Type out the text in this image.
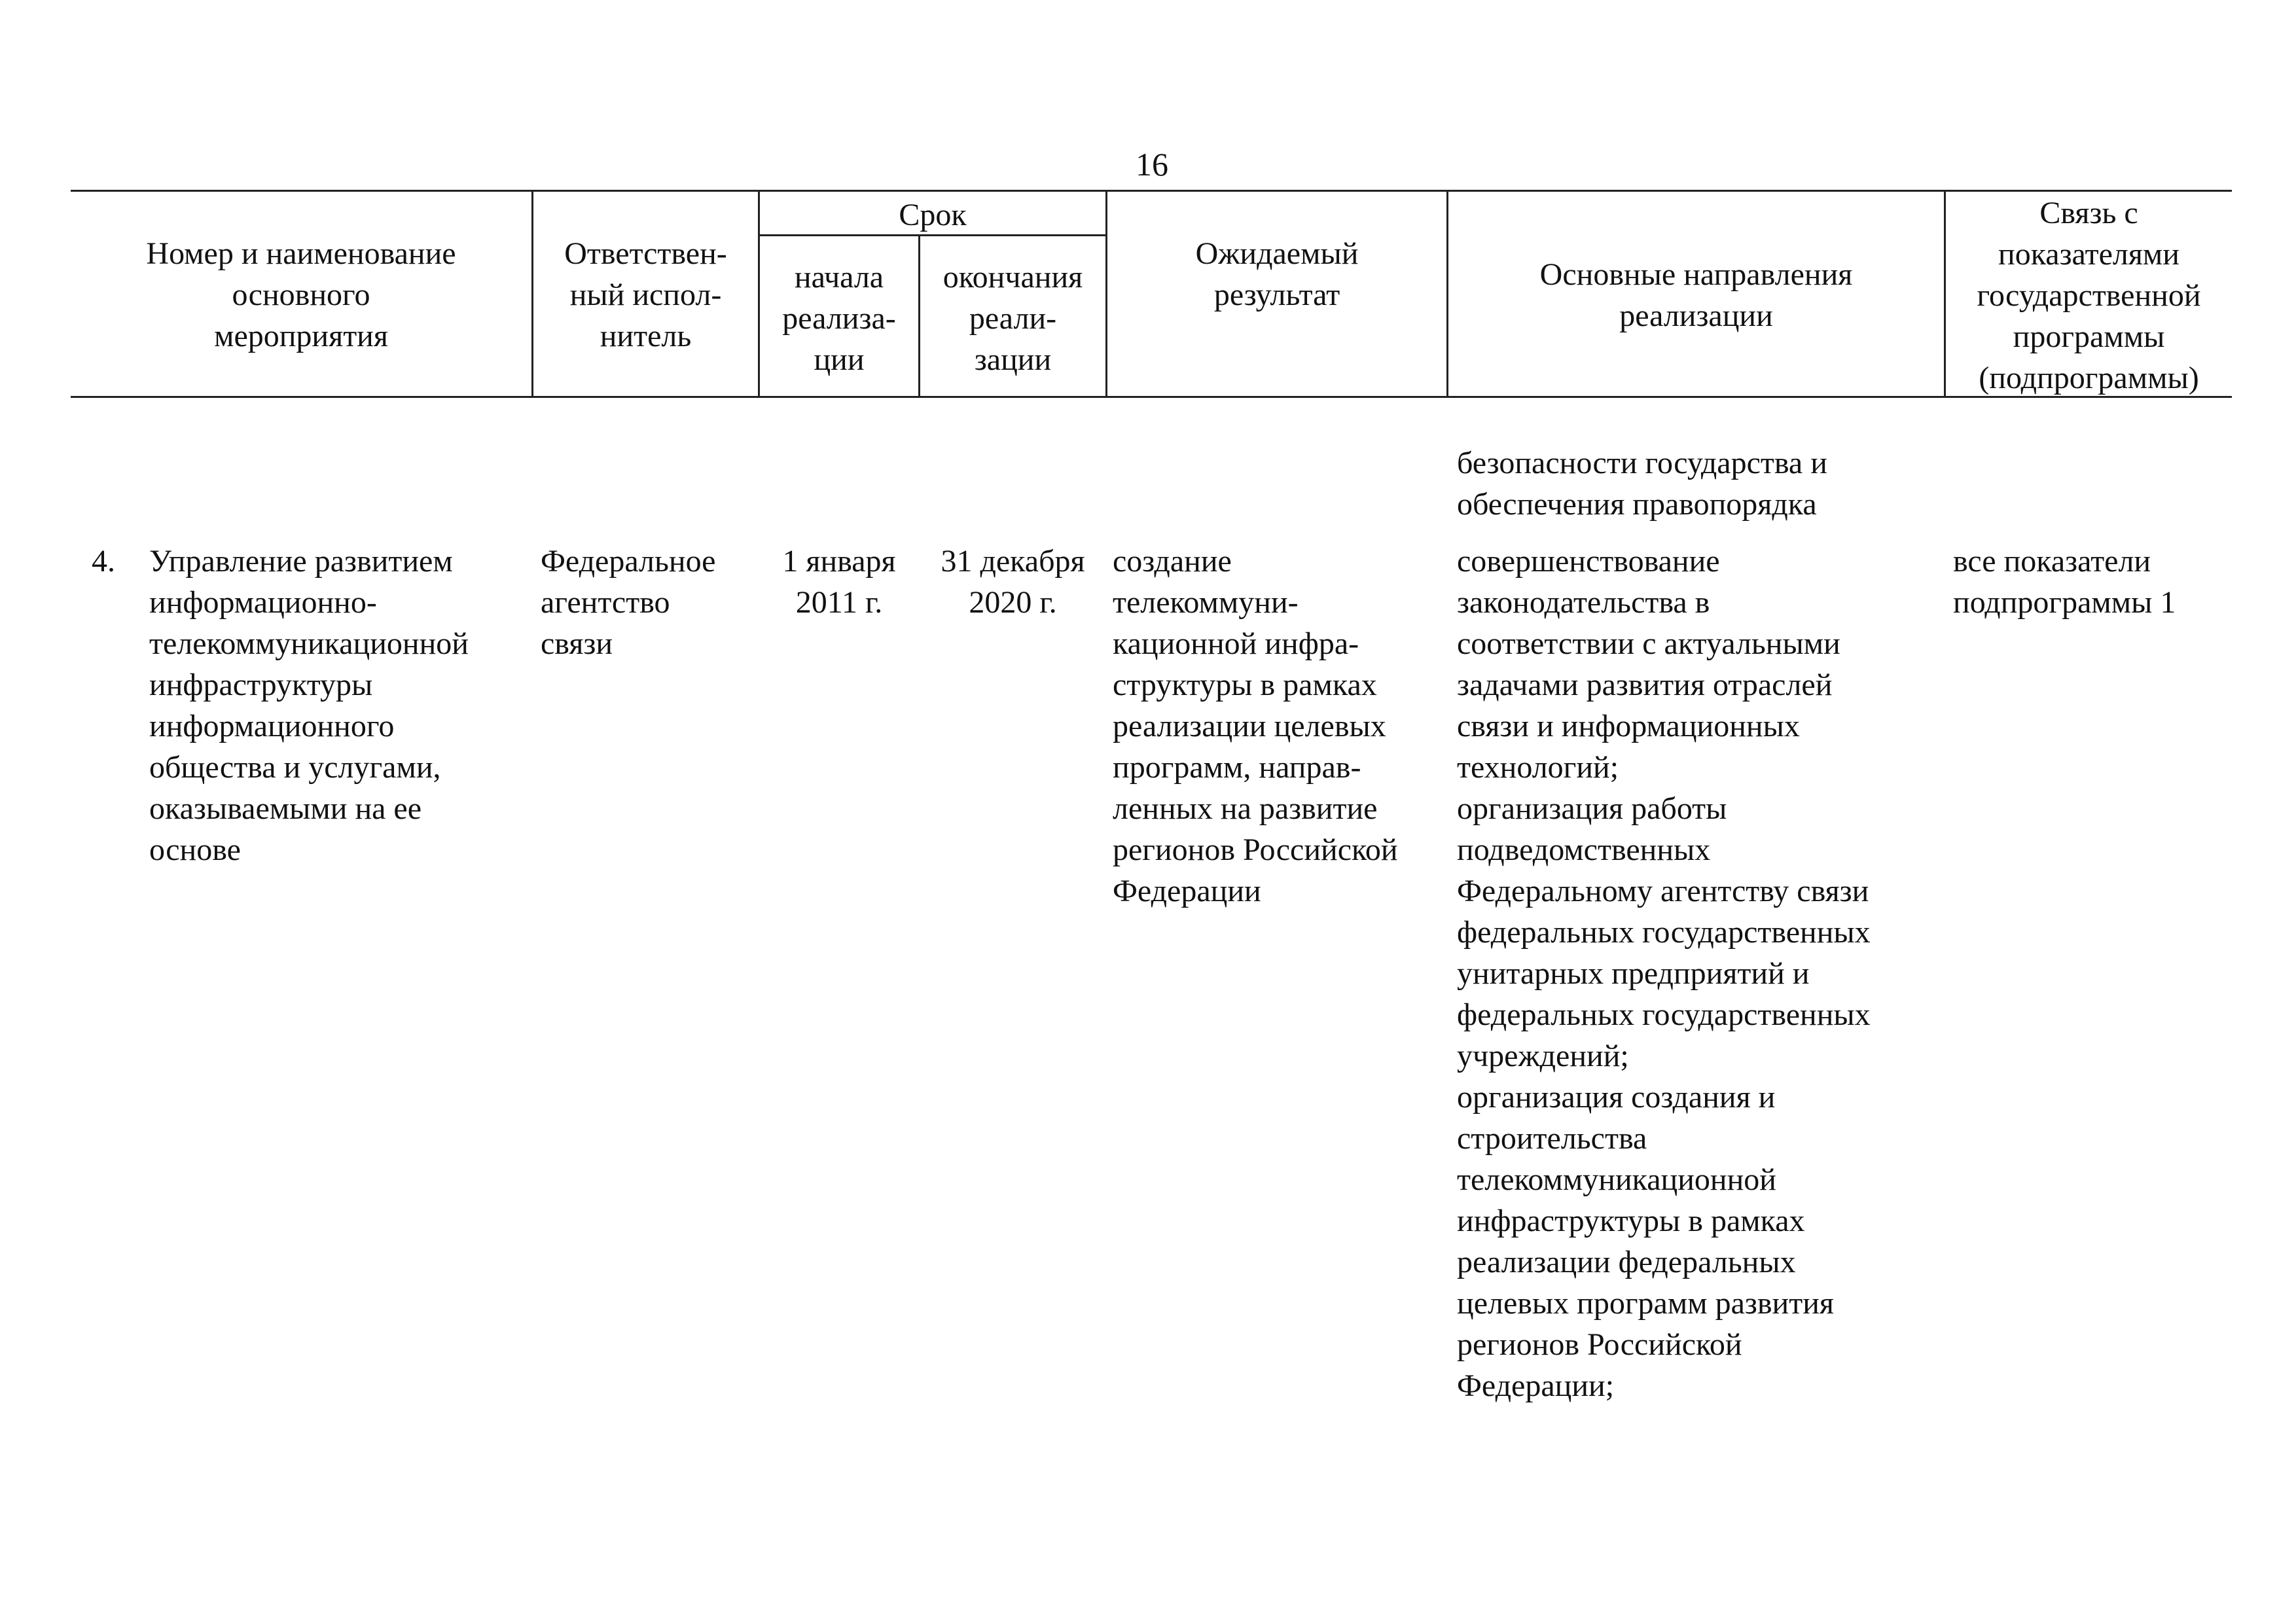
16
Номер и наименование
основного
мероприятия
Ответствен-
ный испол-
нитель
Срок
начала
реализа-
ции
окончания
реали-
зации
Ожидаемый
результат
Основные направления
реализации
Связь с
показателями
государственной
программы
(подпрограммы)
безопасности государства и
обеспечения правопорядка
4. Управление развитием
информационно-
телекоммуникационной
инфраструктуры
информационного
общества и услугами,
оказываемыми на ее
основе
Федеральное
агентство
связи
1 января
2011 г.
31 декабря
2020 г.
создание
телекоммуни-
кационной инфра-
структуры в рамках
реализации целевых
программ, направ-
ленных на развитие
регионов Российской
Федерации
совершенствование
законодательства в
соответствии с актуальными
задачами развития отраслей
связи и информационных
технологий;
организация работы
подведомственных
Федеральному агентству связи
федеральных государственных
унитарных предприятий и
федеральных государственных
учреждений;
организация создания и
строительства
телекоммуникационной
инфраструктуры в рамках
реализации федеральных
целевых программ развития
регионов Российской
Федерации;
все показатели
подпрограммы 1
